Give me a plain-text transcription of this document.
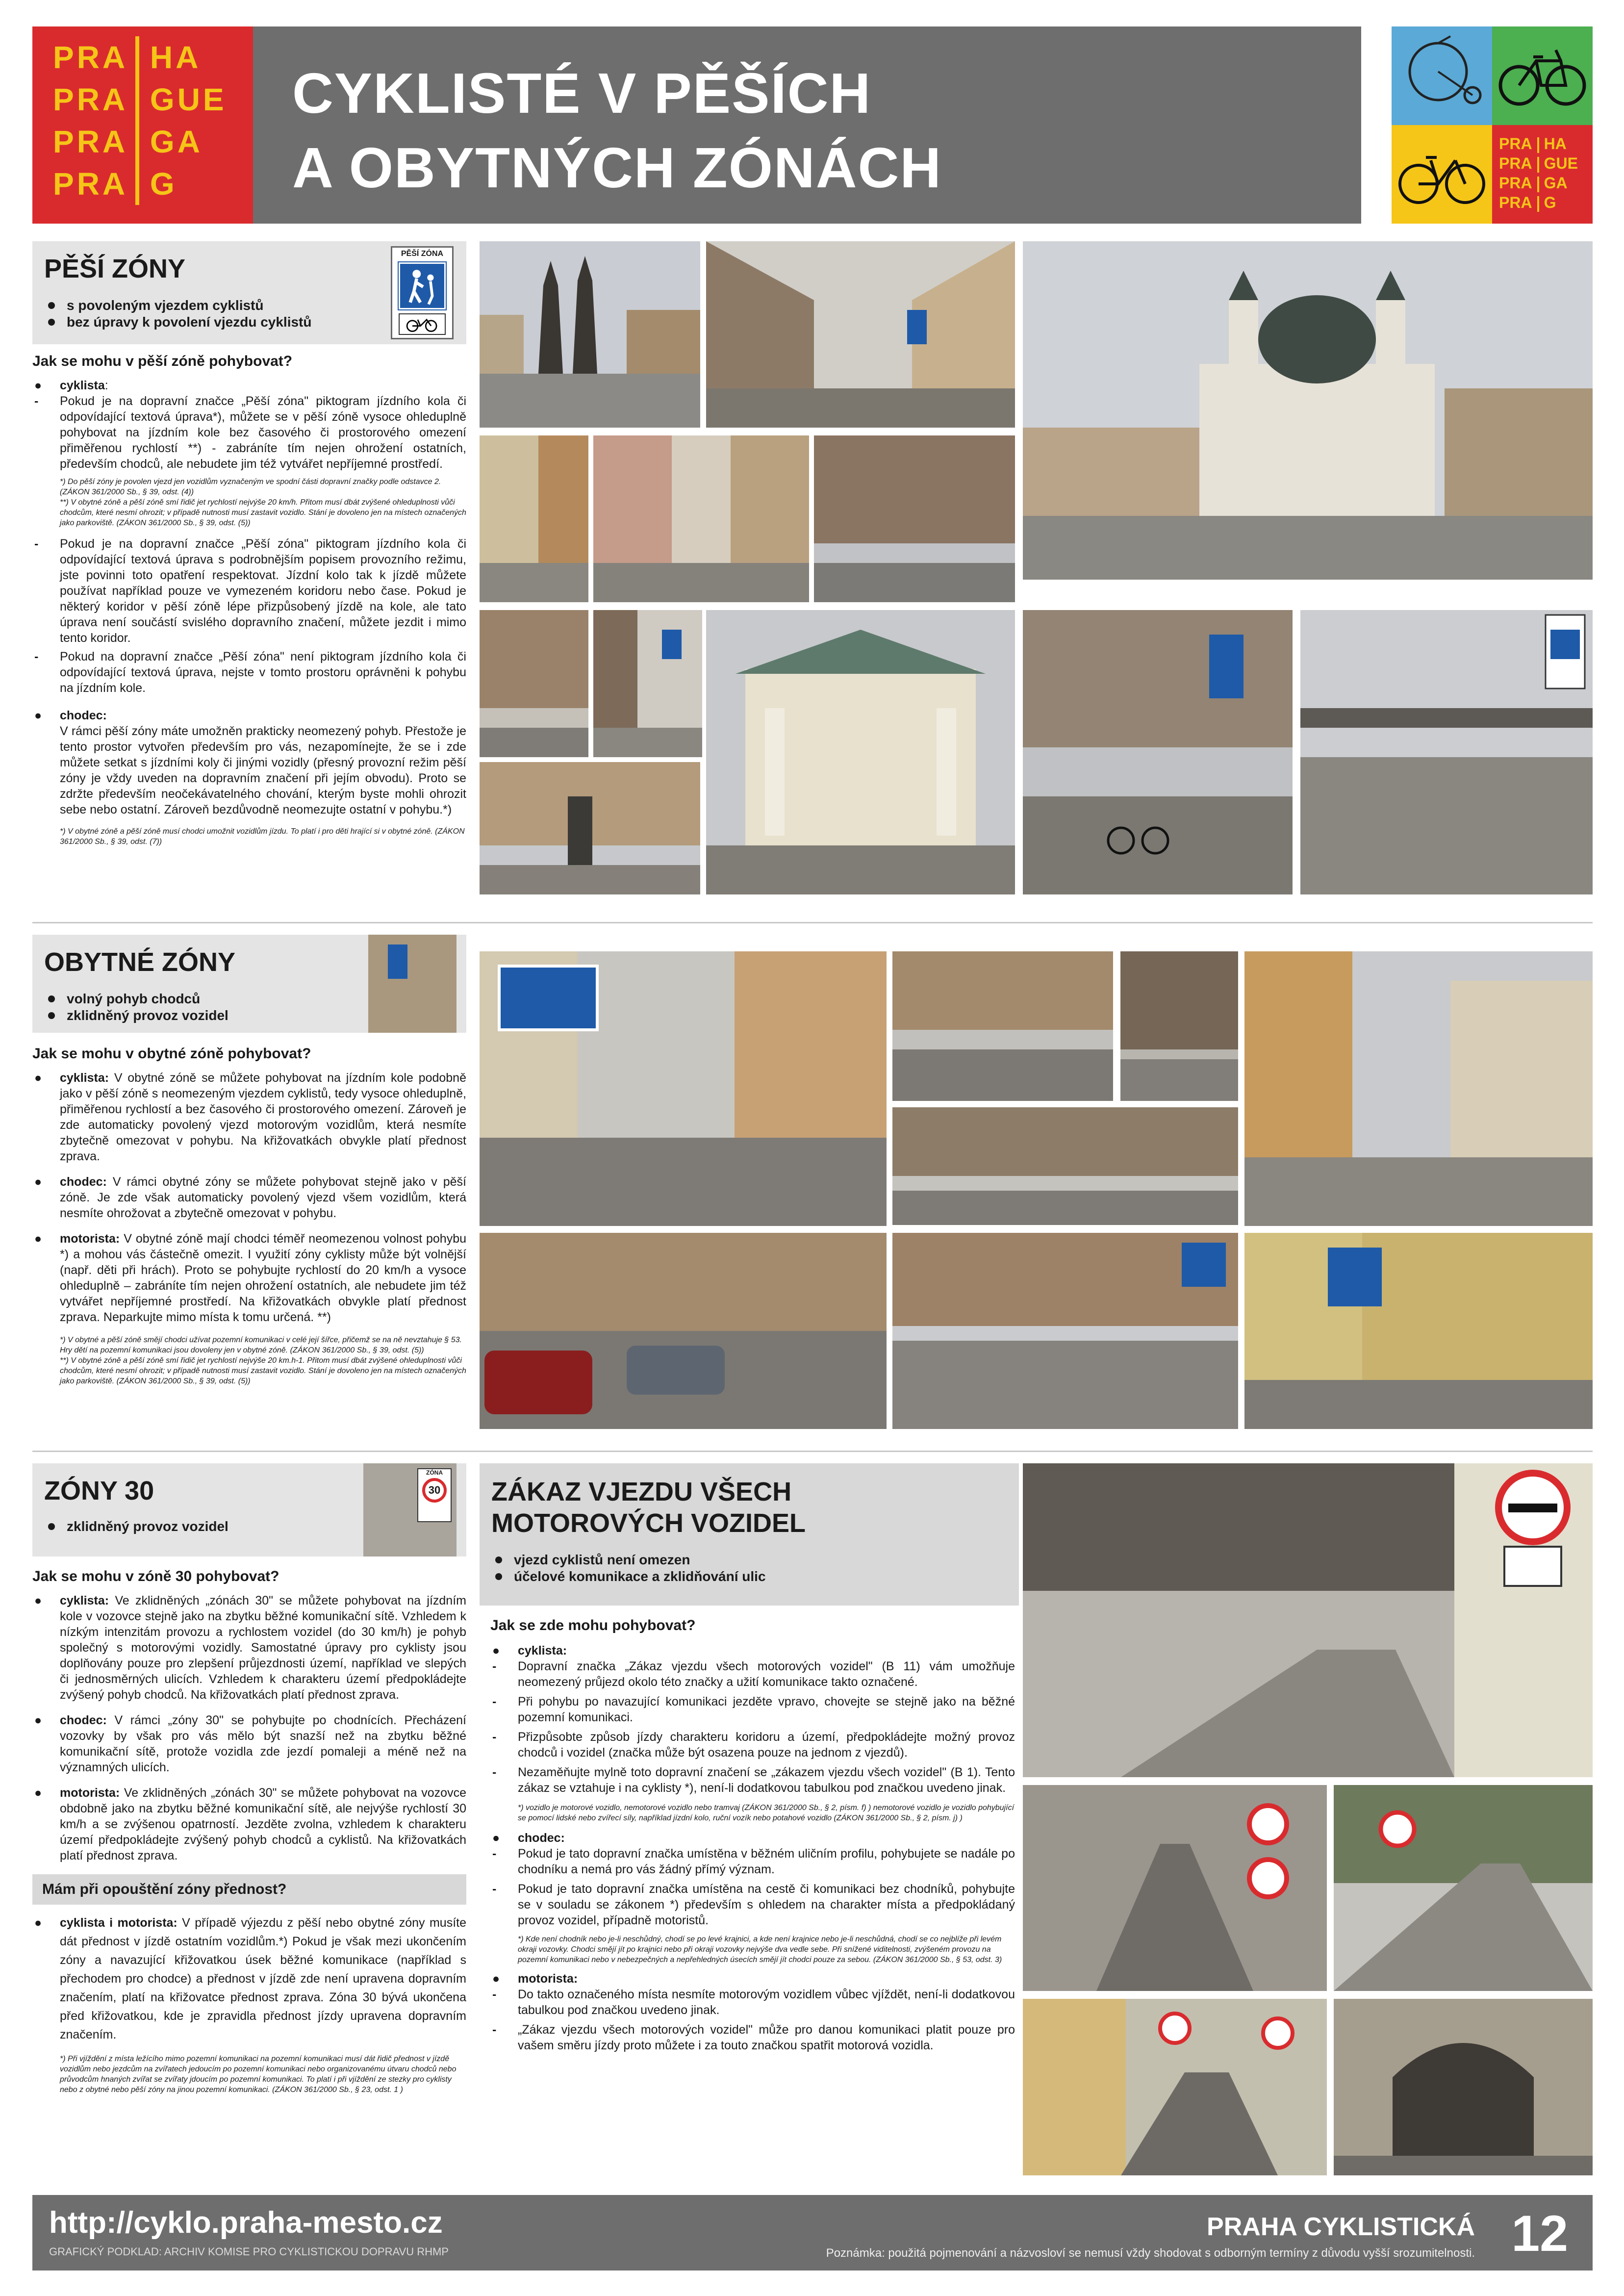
PRA HA
PRA GUE
PRA GA
PRA G
CYKLISTÉ V PĚŠÍCH
A OBYTNÝCH ZÓNÁCH	PRA HA
PRA GUE
PRA GA
PRA G
PĚŠÍ ZÓNY
s povoleným vjezdem cyklistů
bez úpravy k povolení vjezdu cyklistů
PĚŠÍ ZÓNA
Jak se mohu v pěší zóně pohybovat?
● cyklista:
- Pokud je na dopravní značce „Pěší zóna" piktogram jízdního kola či odpovídající textová úprava*), můžete se v pěší zóně vysoce ohleduplně pohybovat na jízdním kole bez časového či prostorového omezení přiměřenou rychlostí **) - zabráníte tím nejen ohrožení ostatních, především chodců, ale nebudete jim též vytvářet nepříjemné prostředí.
*) Do pěší zóny je povolen vjezd jen vozidlům vyznačeným ve spodní části dopravní značky podle odstavce 2. (ZÁKON 361/2000 Sb., § 39, odst. (4))
**) V obytné zóně a pěší zóně smí řidič jet rychlostí nejvýše 20 km/h. Přitom musí dbát zvýšené ohleduplnosti vůči chodcům, které nesmí ohrozit; v případě nutnosti musí zastavit vozidlo. Stání je dovoleno jen na místech označených jako parkoviště. (ZÁKON 361/2000 Sb., § 39, odst. (5))
- Pokud je na dopravní značce „Pěší zóna" piktogram jízdního kola či odpovídající textová úprava s podrobnějším popisem provozního režimu, jste povinni toto opatření respektovat. Jízdní kolo tak k jízdě můžete používat například pouze ve vymezeném koridoru nebo čase. Pokud je některý koridor v pěší zóně lépe přizpůsobený jízdě na kole, ale tato úprava není součástí svislého dopravního značení, můžete jezdit i mimo tento koridor.
- Pokud na dopravní značce „Pěší zóna" není piktogram jízdního kola či odpovídající textová úprava, nejste v tomto prostoru oprávněni k pohybu na jízdním kole.
● chodec:
V rámci pěší zóny máte umožněn prakticky neomezený pohyb. Přestože je tento prostor vytvořen především pro vás, nezapomínejte, že se i zde můžete setkat s jízdními koly či jinými vozidly (přesný provozní režim pěší zóny je vždy uveden na dopravním značení při jejím obvodu). Proto se zdržte především neočekávatelného chování, kterým byste mohli ohrozit sebe nebo ostatní. Zároveň bezdůvodně neomezujte ostatní v pohybu.*)
*) V obytné zóně a pěší zóně musí chodci umožnit vozidlům jízdu. To platí i pro děti hrající si v obytné zóně. (ZÁKON 361/2000 Sb., § 39, odst. (7))
OBYTNÉ ZÓNY
volný pohyb chodců
zklidněný provoz vozidel
Jak se mohu v obytné zóně pohybovat?
● cyklista: V obytné zóně se můžete pohybovat na jízdním kole podobně jako v pěší zóně s neomezeným vjezdem cyklistů, tedy vysoce ohleduplně, přiměřenou rychlostí a bez časového či prostorového omezení. Zároveň je zde automaticky povolený vjezd motorovým vozidlům, která nesmíte zbytečně omezovat v pohybu. Na křižovatkách obvykle platí přednost zprava.
● chodec: V rámci obytné zóny se můžete pohybovat stejně jako v pěší zóně. Je zde však automaticky povolený vjezd všem vozidlům, která nesmíte ohrožovat a zbytečně omezovat v pohybu.
● motorista: V obytné zóně mají chodci téměř neomezenou volnost pohybu *) a mohou vás částečně omezit. I využití zóny cyklisty může být volnější (např. děti při hrách). Proto se pohybujte rychlostí do 20 km/h a vysoce ohleduplně – zabráníte tím nejen ohrožení ostatních, ale nebudete jim též vytvářet nepříjemné prostředí. Na křižovatkách obvykle platí přednost zprava. Neparkujte mimo místa k tomu určená. **)
*) V obytné a pěší zóně smějí chodci užívat pozemní komunikaci v celé její šířce, přičemž se na ně nevztahuje § 53. Hry dětí na pozemní komunikaci jsou dovoleny jen v obytné zóně. (ZÁKON 361/2000 Sb., § 39, odst. (5))
**) V obytné zóně a pěší zóně smí řidič jet rychlostí nejvýše 20 km.h-1. Přitom musí dbát zvýšené ohleduplnosti vůči chodcům, které nesmí ohrozit; v případě nutnosti musí zastavit vozidlo. Stání je dovoleno jen na místech označených jako parkoviště. (ZÁKON 361/2000 Sb., § 39, odst. (5))
ZÓNY 30
zklidněný provoz vozidel
ZÓNA
30
Jak se mohu v zóně 30 pohybovat?
● cyklista: Ve zklidněných „zónách 30" se můžete pohybovat na jízdním kole v vozovce stejně jako na zbytku běžné komunikační sítě. Vzhledem k nízkým intenzitám provozu a rychlostem vozidel (do 30 km/h) je pohyb společný s motorovými vozidly. Samostatné úpravy pro cyklisty jsou doplňovány pouze pro zlepšení průjezdnosti území, například ve slepých či jednosměrných ulicích. Vzhledem k charakteru území předpokládejte zvýšený pohyb chodců. Na křižovatkách platí přednost zprava.
● chodec: V rámci „zóny 30" se pohybujte po chodnících. Přecházení vozovky by však pro vás mělo být snazší než na zbytku běžné komunikační sítě, protože vozidla zde jezdí pomaleji a méně než na významných ulicích.
● motorista: Ve zklidněných „zónách 30" se můžete pohybovat na vozovce obdobně jako na zbytku běžné komunikační sítě, ale nejvýše rychlostí 30 km/h a se zvýšenou opatrností. Jezděte zvolna, vzhledem k charakteru území předpokládejte zvýšený pohyb chodců a cyklistů. Na křižovatkách platí přednost zprava.
Mám při opouštění zóny přednost?
● cyklista i motorista: V případě výjezdu z pěší nebo obytné zóny musíte dát přednost v jízdě ostatním vozidlům.*) Pokud je však mezi ukončením zóny a navazující křižovatkou úsek běžné komunikace (například s přechodem pro chodce) a přednost v jízdě zde není upravena dopravním značením, platí na křižovatce přednost zprava. Zóna 30 bývá ukončena před křižovatkou, kde je zpravidla přednost jízdy upravena dopravním značením.
*) Při vjíždění z místa ležícího mimo pozemní komunikaci na pozemní komunikaci musí dát řidič přednost v jízdě vozidlům nebo jezdcům na zvířatech jedoucím po pozemní komunikaci nebo organizovanému útvaru chodců nebo průvodcům hnaných zvířat se zvířaty jdoucím po pozemní komunikaci. To platí i při vjíždění ze stezky pro cyklisty nebo z obytné nebo pěší zóny na jinou pozemní komunikaci. (ZÁKON 361/2000 Sb., § 23, odst. 1 )
ZÁKAZ VJEZDU VŠECH
MOTOROVÝCH VOZIDEL
vjezd cyklistů není omezen
účelové komunikace a zklidňování ulic
Jak se zde mohu pohybovat?
● cyklista:
- Dopravní značka „Zákaz vjezdu všech motorových vozidel" (B 11) vám umožňuje neomezený průjezd okolo této značky a užití komunikace takto označené.
- Při pohybu po navazující komunikaci jezděte vpravo, chovejte se stejně jako na běžné pozemní komunikaci.
- Přizpůsobte způsob jízdy charakteru koridoru a území, předpokládejte možný provoz chodců i vozidel (značka může být osazena pouze na jednom z vjezdů).
- Nezaměňujte mylně toto dopravní značení se „zákazem vjezdu všech vozidel" (B 1). Tento zákaz se vztahuje i na cyklisty *), není-li dodatkovou tabulkou pod značkou uvedeno jinak.
*) vozidlo je motorové vozidlo, nemotorové vozidlo nebo tramvaj (ZÁKON 361/2000 Sb., § 2, písm. f) ) nemotorové vozidlo je vozidlo pohybující se pomocí lidské nebo zvířecí síly, například jízdní kolo, ruční vozík nebo potahové vozidlo (ZÁKON 361/2000 Sb., § 2, písm. j) )
● chodec:
- Pokud je tato dopravní značka umístěna v běžném uličním profilu, pohybujete se nadále po chodníku a nemá pro vás žádný přímý význam.
- Pokud je tato dopravní značka umístěna na cestě či komunikaci bez chodníků, pohybujte se v souladu se zákonem *) především s ohledem na charakter místa a předpokládaný provoz vozidel, případně motoristů.
*) Kde není chodník nebo je-li neschůdný, chodí se po levé krajnici, a kde není krajnice nebo je-li neschůdná, chodí se co nejblíže při levém okraji vozovky. Chodci smějí jít po krajnici nebo při okraji vozovky nejvýše dva vedle sebe. Při snížené viditelnosti, zvýšeném provozu na pozemní komunikaci nebo v nebezpečných a nepřehledných úsecích smějí jít chodci pouze za sebou. (ZÁKON 361/2000 Sb., § 53, odst. 3)
● motorista:
- Do takto označeného místa nesmíte motorovým vozidlem vůbec vjíždět, není-li dodatkovou tabulkou pod značkou uvedeno jinak.
- „Zákaz vjezdu všech motorových vozidel" může pro danou komunikaci platit pouze pro vašem směru jízdy proto můžete i za touto značkou spatřit motorová vozidla.
http://cyklo.praha-mesto.cz
GRAFICKÝ PODKLAD: ARCHIV KOMISE PRO CYKLISTICKOU DOPRAVU RHMP
PRAHA CYKLISTICKÁ
Poznámka: použitá pojmenování a názvosloví se nemusí vždy shodovat s odborným termíny z důvodu vyšší srozumitelnosti. 12
